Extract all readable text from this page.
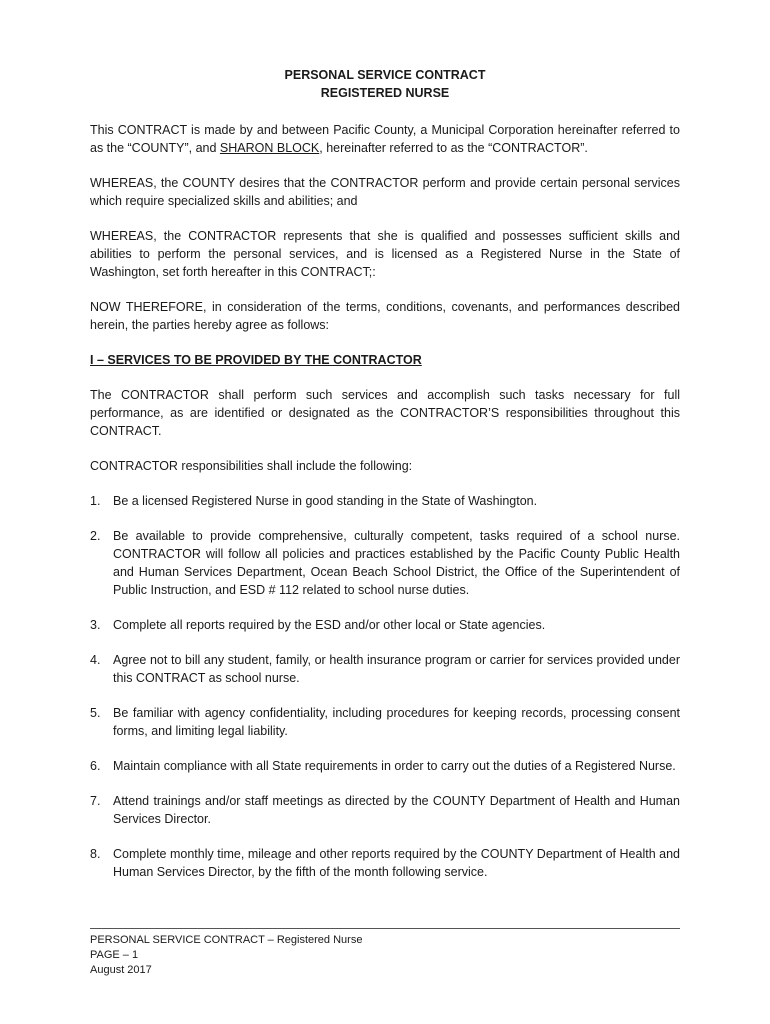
PERSONAL SERVICE CONTRACT

REGISTERED NURSE

This CONTRACT is made by and between Pacific County, a Municipal Corporation hereinafter referred to as the “COUNTY”, and SHARON BLOCK, hereinafter referred to as the “CONTRACTOR”.

WHEREAS, the COUNTY desires that the CONTRACTOR perform and provide certain personal services which require specialized skills and abilities; and

WHEREAS, the CONTRACTOR represents that she is qualified and possesses sufficient skills and abilities to perform the personal services, and is licensed as a Registered Nurse in the State of Washington, set forth hereafter in this CONTRACT;:

NOW THEREFORE, in consideration of the terms, conditions, covenants, and performances described herein, the parties hereby agree as follows:

I – SERVICES TO BE PROVIDED BY THE CONTRACTOR

The CONTRACTOR shall perform such services and accomplish such tasks necessary for full performance, as are identified or designated as the CONTRACTOR’S responsibilities throughout this CONTRACT.

CONTRACTOR responsibilities shall include the following:

1. Be a licensed Registered Nurse in good standing in the State of Washington.
2. Be available to provide comprehensive, culturally competent, tasks required of a school nurse. CONTRACTOR will follow all policies and practices established by the Pacific County Public Health and Human Services Department, Ocean Beach School District, the Office of the Superintendent of Public Instruction, and ESD # 112 related to school nurse duties.
3. Complete all reports required by the ESD and/or other local or State agencies.
4. Agree not to bill any student, family, or health insurance program or carrier for services provided under this CONTRACT as school nurse.
5. Be familiar with agency confidentiality, including procedures for keeping records, processing consent forms, and limiting legal liability.
6. Maintain compliance with all State requirements in order to carry out the duties of a Registered Nurse.
7. Attend trainings and/or staff meetings as directed by the COUNTY Department of Health and Human Services Director.
8. Complete monthly time, mileage and other reports required by the COUNTY Department of Health and Human Services Director, by the fifth of the month following service.
PERSONAL SERVICE CONTRACT – Registered Nurse
PAGE – 1
August 2017
